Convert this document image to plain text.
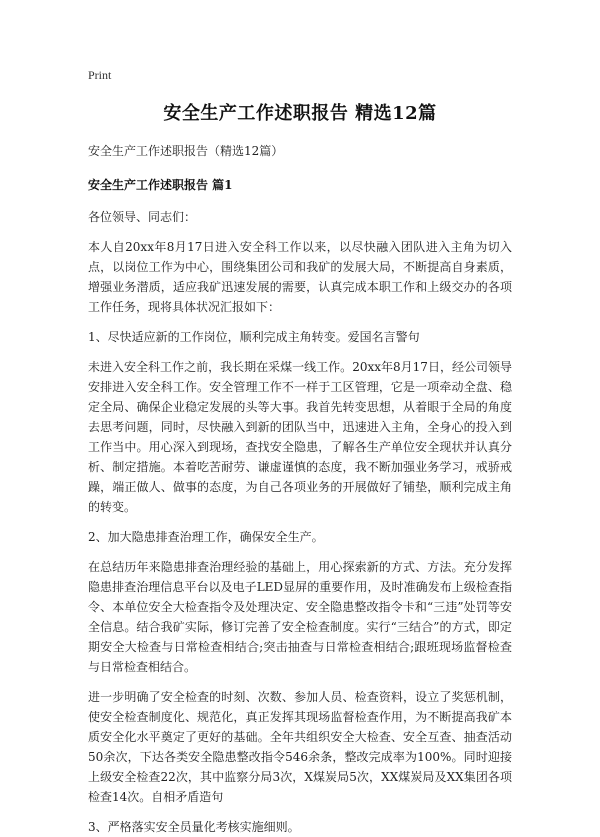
Print
安全生产工作述职报告 精选12篇

安全生产工作述职报告（精选12篇）

安全生产工作述职报告 篇1

各位领导、同志们：

本人自20xx年8月17日进入安全科工作以来，以尽快融入团队进入主角为切入点，以岗位工作为中心，围绕集团公司和我矿的发展大局，不断提高自身素质，增强业务潜质，适应我矿迅速发展的需要，认真完成本职工作和上级交办的各项工作任务，现将具体状况汇报如下：

1、尽快适应新的工作岗位，顺利完成主角转变。爱国名言警句

未进入安全科工作之前，我长期在采煤一线工作。20xx年8月17日，经公司领导安排进入安全科工作。安全管理工作不一样于工区管理，它是一项牵动全盘、稳定全局、确保企业稳定发展的头等大事。我首先转变思想，从着眼于全局的角度去思考问题，同时，尽快融入到新的团队当中，迅速进入主角，全身心的投入到工作当中。用心深入到现场，查找安全隐患，了解各生产单位安全现状并认真分析、制定措施。本着吃苦耐劳、谦虚谨慎的态度，我不断加强业务学习，戒骄戒躁，端正做人、做事的态度，为自己各项业务的开展做好了铺垫，顺利完成主角的转变。

2、加大隐患排查治理工作，确保安全生产。

在总结历年来隐患排查治理经验的基础上，用心探索新的方式、方法。充分发挥隐患排查治理信息平台以及电子LED显屏的重要作用，及时准确发布上级检查指令、本单位安全大检查指令及处理决定、安全隐患整改指令卡和“三违”处罚等安全信息。结合我矿实际，修订完善了安全检查制度。实行“三结合”的方式，即定期安全大检查与日常检查相结合;突击抽查与日常检查相结合;跟班现场监督检查与日常检查相结合。

进一步明确了安全检查的时刻、次数、参加人员、检查资料，设立了奖惩机制，使安全检查制度化、规范化，真正发挥其现场监督检查作用，为不断提高我矿本质安全化水平奠定了更好的基础。全年共组织安全大检查、安全互查、抽查活动50余次，下达各类安全隐患整改指令546余条，整改完成率为100%。同时迎接上级安全检查22次，其中监察分局3次，X煤炭局5次，XX煤炭局及XX集团各项检查14次。自相矛盾造句

3、严格落实安全员量化考核实施细则。
